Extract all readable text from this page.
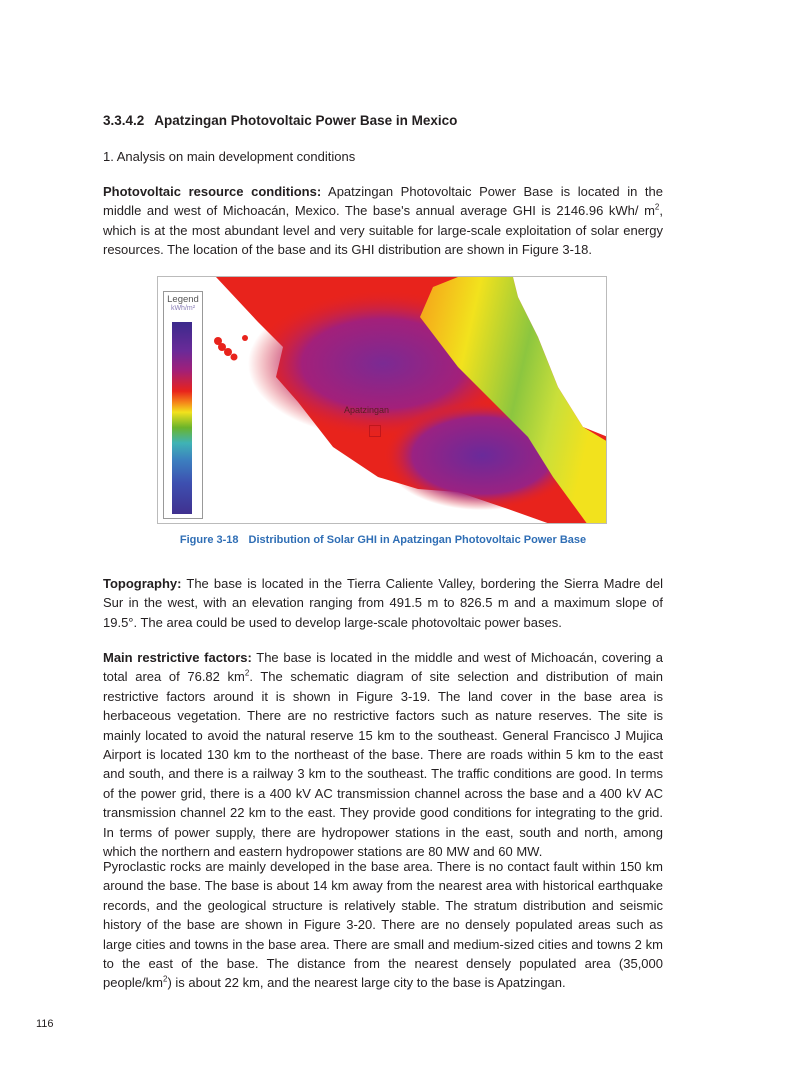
3.3.4.2 Apatzingan Photovoltaic Power Base in Mexico
1. Analysis on main development conditions
Photovoltaic resource conditions: Apatzingan Photovoltaic Power Base is located in the middle and west of Michoacán, Mexico. The base's annual average GHI is 2146.96 kWh/ $m^2$, which is at the most abundant level and very suitable for large-scale exploitation of solar energy resources. The location of the base and its GHI distribution are shown in Figure 3-18.
Legend
kWh/m²
Apatzingan
Figure 3-18 Distribution of Solar GHI in Apatzingan Photovoltaic Power Base
Topography: The base is located in the Tierra Caliente Valley, bordering the Sierra Madre del Sur in the west, with an elevation ranging from 491.5 m to 826.5 m and a maximum slope of 19.5°. The area could be used to develop large-scale photovoltaic power bases.
Main restrictive factors: The base is located in the middle and west of Michoacán, covering a total area of 76.82 $km^2$. The schematic diagram of site selection and distribution of main restrictive factors around it is shown in Figure 3-19. The land cover in the base area is herbaceous vegetation. There are no restrictive factors such as nature reserves. The site is mainly located to avoid the natural reserve 15 km to the southeast. General Francisco J Mujica Airport is located 130 km to the northeast of the base. There are roads within 5 km to the east and south, and there is a railway 3 km to the southeast. The traffic conditions are good. In terms of the power grid, there is a 400 kV AC transmission channel across the base and a 400 kV AC transmission channel 22 km to the east. They provide good conditions for integrating to the grid. In terms of power supply, there are hydropower stations in the east, south and north, among which the northern and eastern hydropower stations are 80 MW and 60 MW.
Pyroclastic rocks are mainly developed in the base area. There is no contact fault within 150 km around the base. The base is about 14 km away from the nearest area with historical earthquake records, and the geological structure is relatively stable. The stratum distribution and seismic history of the base are shown in Figure 3-20. There are no densely populated areas such as large cities and towns in the base area. There are small and medium-sized cities and towns 2 km to the east of the base. The distance from the nearest densely populated area (35,000 people/$km^2$) is about 22 km, and the nearest large city to the base is Apatzingan.
116
